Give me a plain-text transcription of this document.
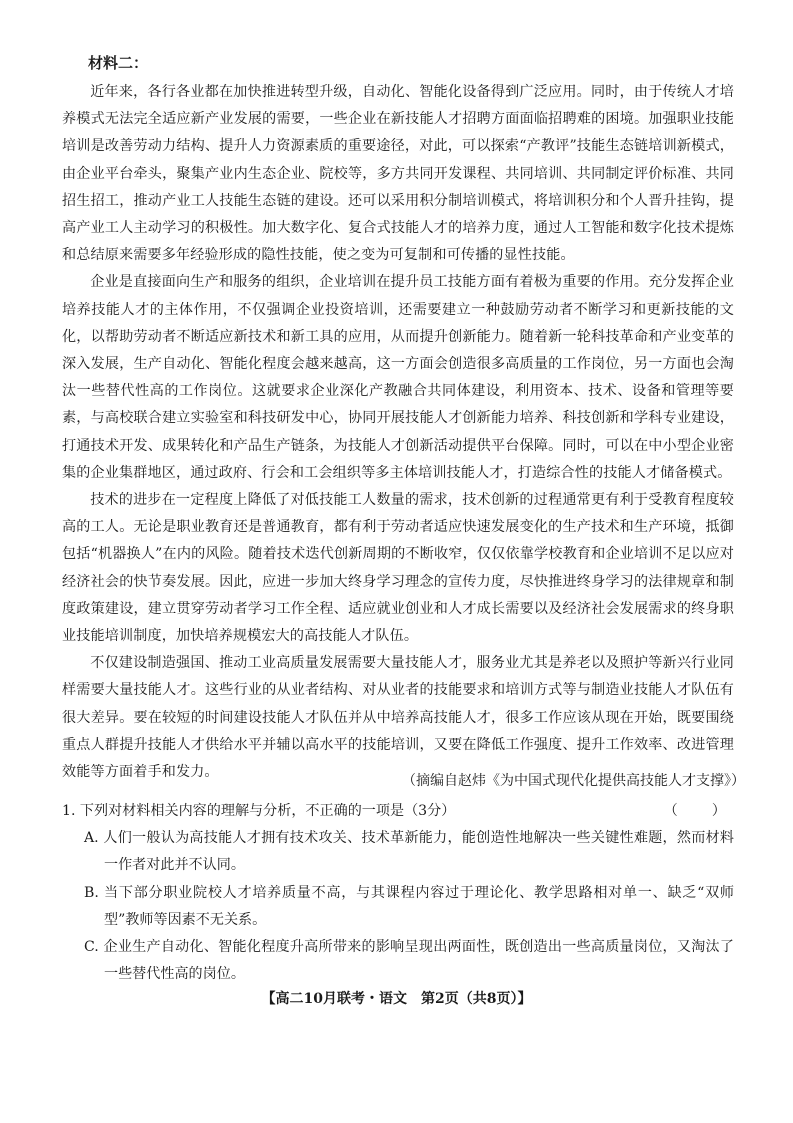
材料二：

近年来，各行各业都在加快推进转型升级，自动化、智能化设备得到广泛应用。同时，由于传统人才培养模式无法完全适应新产业发展的需要，一些企业在新技能人才招聘方面面临招聘难的困境。加强职业技能培训是改善劳动力结构、提升人力资源素质的重要途径，对此，可以探索“产教评”技能生态链培训新模式，由企业平台牵头，聚集产业内生态企业、院校等，多方共同开发课程、共同培训、共同制定评价标准、共同招生招工，推动产业工人技能生态链的建设。还可以采用积分制培训模式，将培训积分和个人晋升挂钩，提高产业工人主动学习的积极性。加大数字化、复合式技能人才的培养力度，通过人工智能和数字化技术提炼和总结原来需要多年经验形成的隐性技能，使之变为可复制和可传播的显性技能。

企业是直接面向生产和服务的组织，企业培训在提升员工技能方面有着极为重要的作用。充分发挥企业培养技能人才的主体作用，不仅强调企业投资培训，还需要建立一种鼓励劳动者不断学习和更新技能的文化，以帮助劳动者不断适应新技术和新工具的应用，从而提升创新能力。随着新一轮科技革命和产业变革的深入发展，生产自动化、智能化程度会越来越高，这一方面会创造很多高质量的工作岗位，另一方面也会淘汰一些替代性高的工作岗位。这就要求企业深化产教融合共同体建设，利用资本、技术、设备和管理等要素，与高校联合建立实验室和科技研发中心，协同开展技能人才创新能力培养、科技创新和学科专业建设，打通技术开发、成果转化和产品生产链条，为技能人才创新活动提供平台保障。同时，可以在中小型企业密集的企业集群地区，通过政府、行会和工会组织等多主体培训技能人才，打造综合性的技能人才储备模式。

技术的进步在一定程度上降低了对低技能工人数量的需求，技术创新的过程通常更有利于受教育程度较高的工人。无论是职业教育还是普通教育，都有利于劳动者适应快速发展变化的生产技术和生产环境，抵御包括“机器换人”在内的风险。随着技术迭代创新周期的不断收窄，仅仅依靠学校教育和企业培训不足以应对经济社会的快节奏发展。因此，应进一步加大终身学习理念的宣传力度，尽快推进终身学习的法律规章和制度政策建设，建立贯穿劳动者学习工作全程、适应就业创业和人才成长需要以及经济社会发展需求的终身职业技能培训制度，加快培养规模宏大的高技能人才队伍。

不仅建设制造强国、推动工业高质量发展需要大量技能人才，服务业尤其是养老以及照护等新兴行业同样需要大量技能人才。这些行业的从业者结构、对从业者的技能要求和培训方式等与制造业技能人才队伍有很大差异。要在较短的时间建设技能人才队伍并从中培养高技能人才，很多工作应该从现在开始，既要围绕重点人群提升技能人才供给水平并辅以高水平的技能培训，又要在降低工作强度、提升工作效率、改进管理效能等方面着手和发力。

（摘编自赵炜《为中国式现代化提供高技能人才支撑》）

1. 下列对材料相关内容的理解与分析，不正确的一项是（3分）	（　　）

A. 人们一般认为高技能人才拥有技术攻关、技术革新能力，能创造性地解决一些关键性难题，然而材料一作者对此并不认同。

B. 当下部分职业院校人才培养质量不高，与其课程内容过于理论化、教学思路相对单一、缺乏“双师型”教师等因素不无关系。

C. 企业生产自动化、智能化程度升高所带来的影响呈现出两面性，既创造出一些高质量岗位，又淘汰了一些替代性高的岗位。

【高二10月联考・语文　第2页（共8页）】
